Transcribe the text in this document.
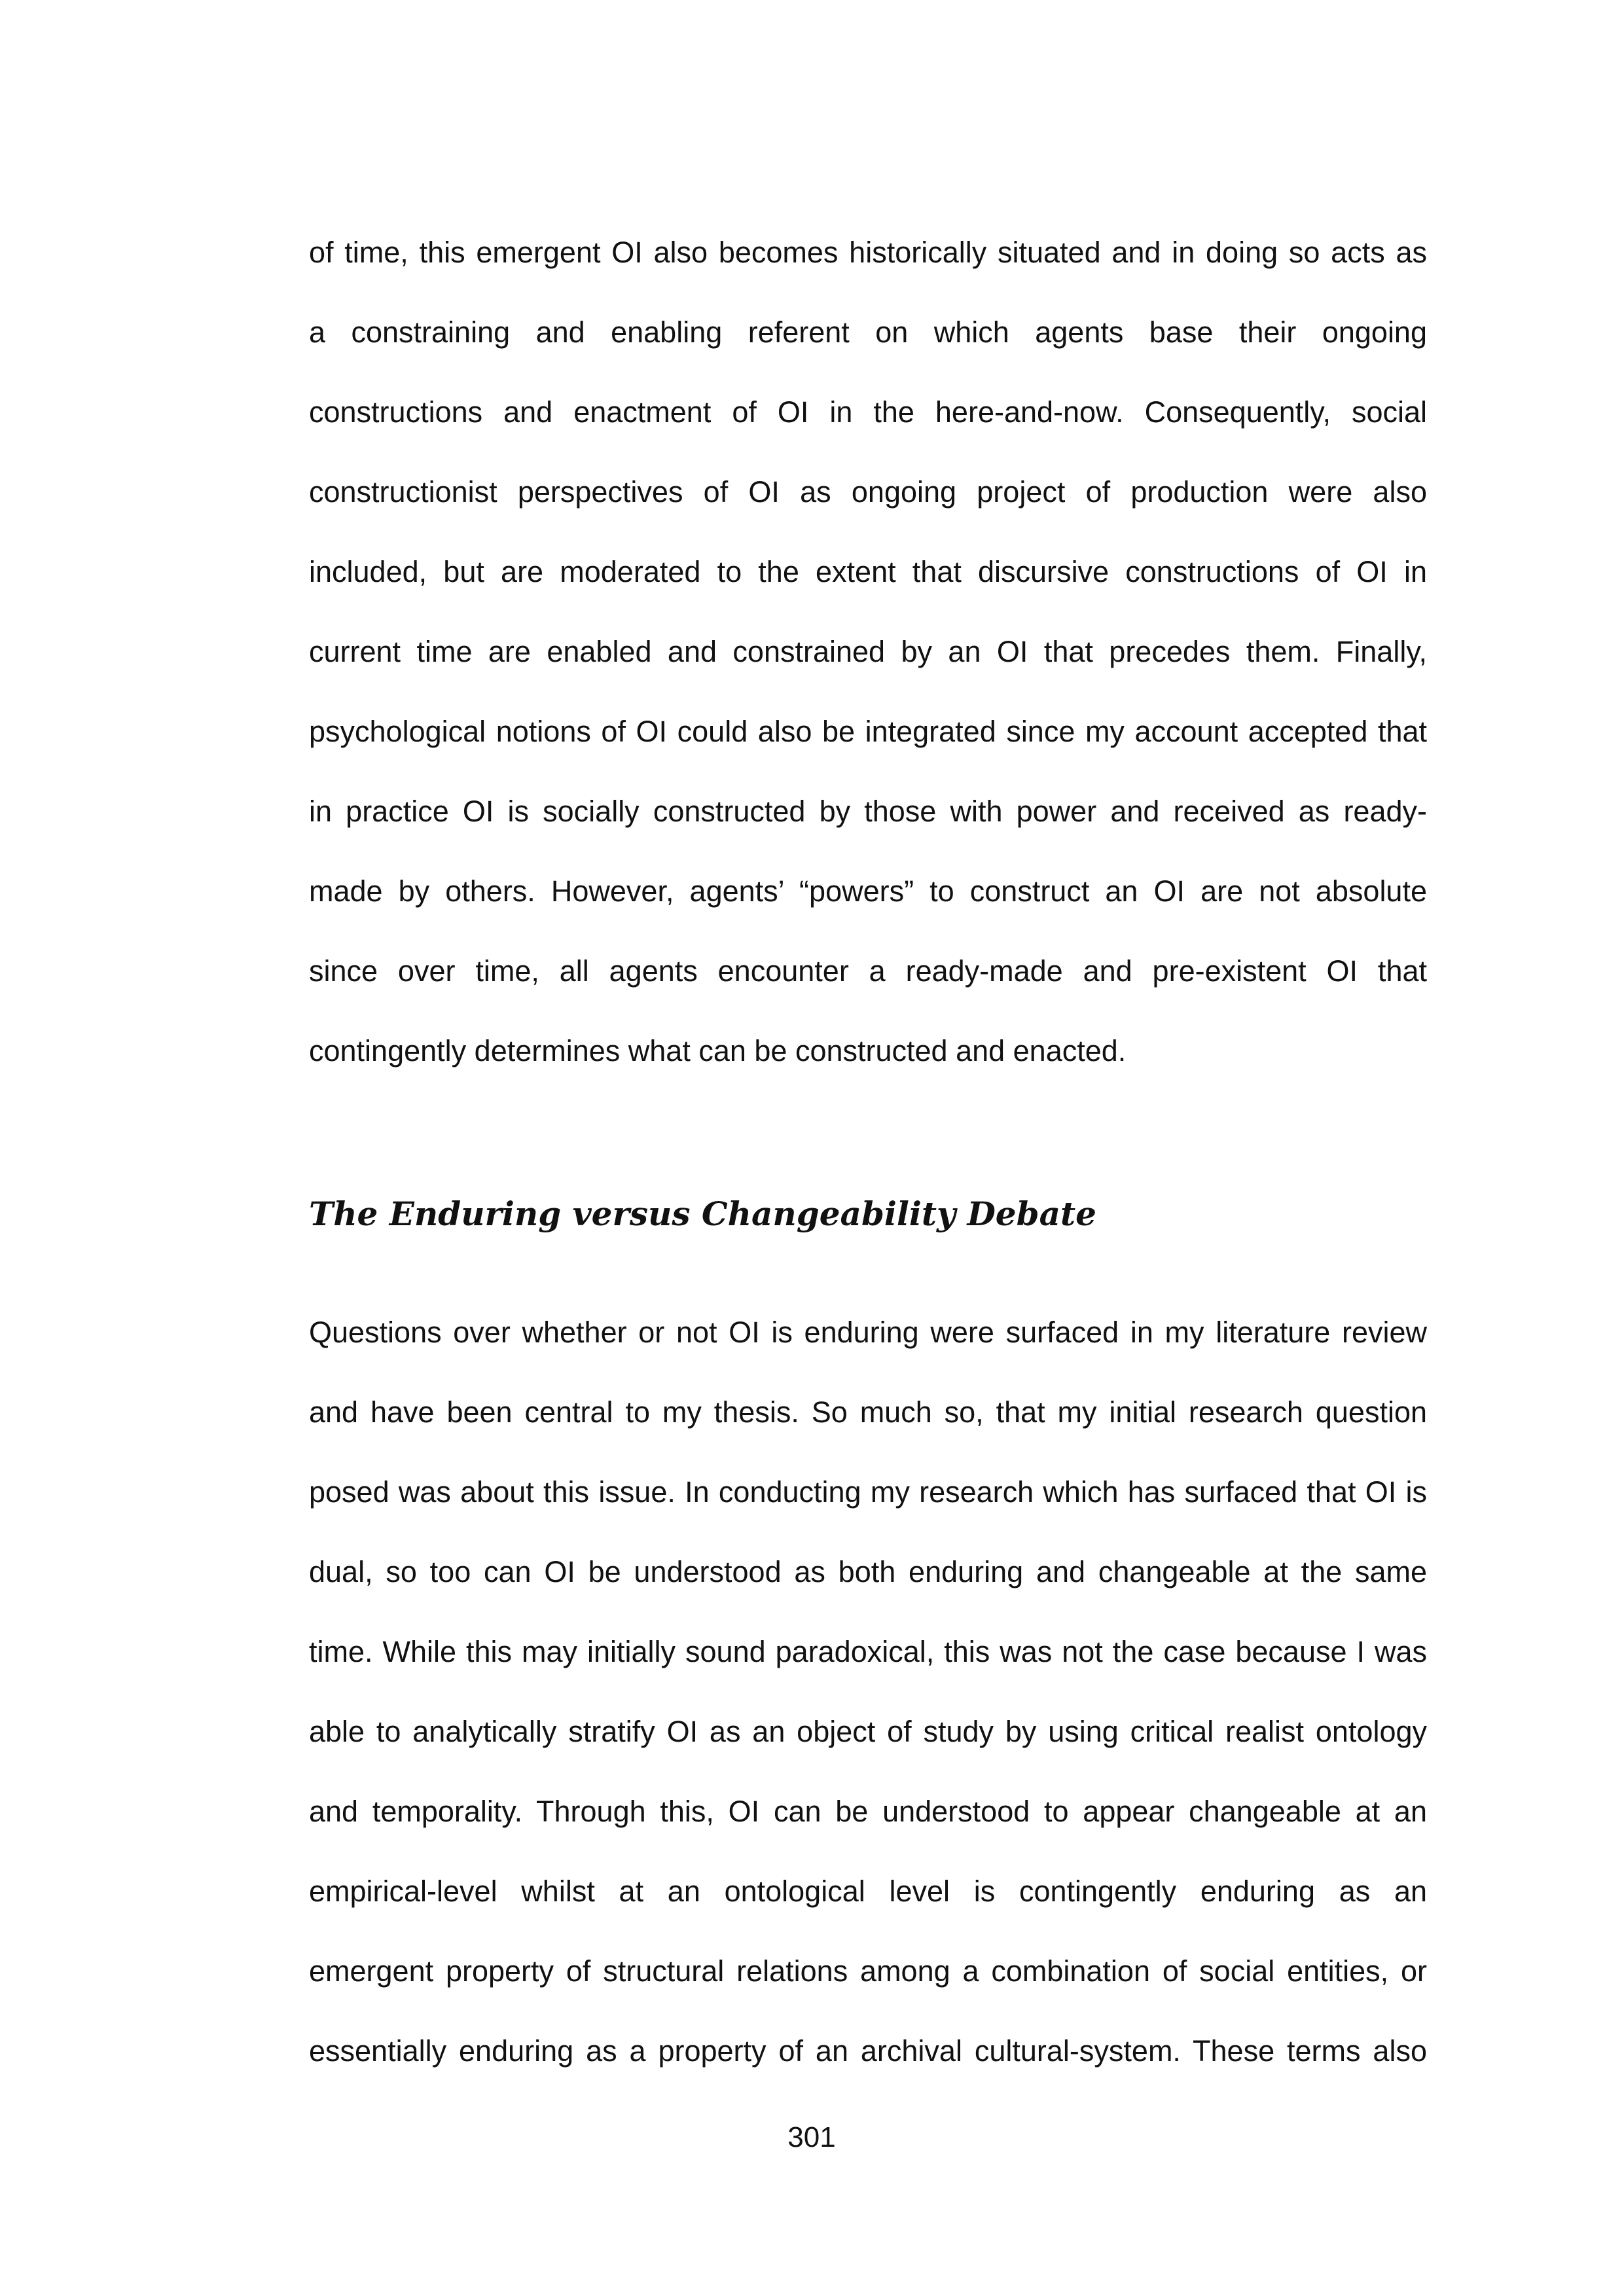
of time, this emergent OI also becomes historically situated and in doing so acts as
a constraining and enabling referent on which agents base their ongoing
constructions and enactment of OI in the here-and-now. Consequently, social
constructionist perspectives of OI as ongoing project of production were also
included, but are moderated to the extent that discursive constructions of OI in
current time are enabled and constrained by an OI that precedes them. Finally,
psychological notions of OI could also be integrated since my account accepted that
in practice OI is socially constructed by those with power and received as ready-
made by others. However, agents’ “powers” to construct an OI are not absolute
since over time, all agents encounter a ready-made and pre-existent OI that
contingently determines what can be constructed and enacted.
The Enduring versus Changeability Debate
Questions over whether or not OI is enduring were surfaced in my literature review
and have been central to my thesis. So much so, that my initial research question
posed was about this issue. In conducting my research which has surfaced that OI is
dual, so too can OI be understood as both enduring and changeable at the same
time. While this may initially sound paradoxical, this was not the case because I was
able to analytically stratify OI as an object of study by using critical realist ontology
and temporality. Through this, OI can be understood to appear changeable at an
empirical-level whilst at an ontological level is contingently enduring as an
emergent property of structural relations among a combination of social entities, or
essentially enduring as a property of an archival cultural-system. These terms also
301
